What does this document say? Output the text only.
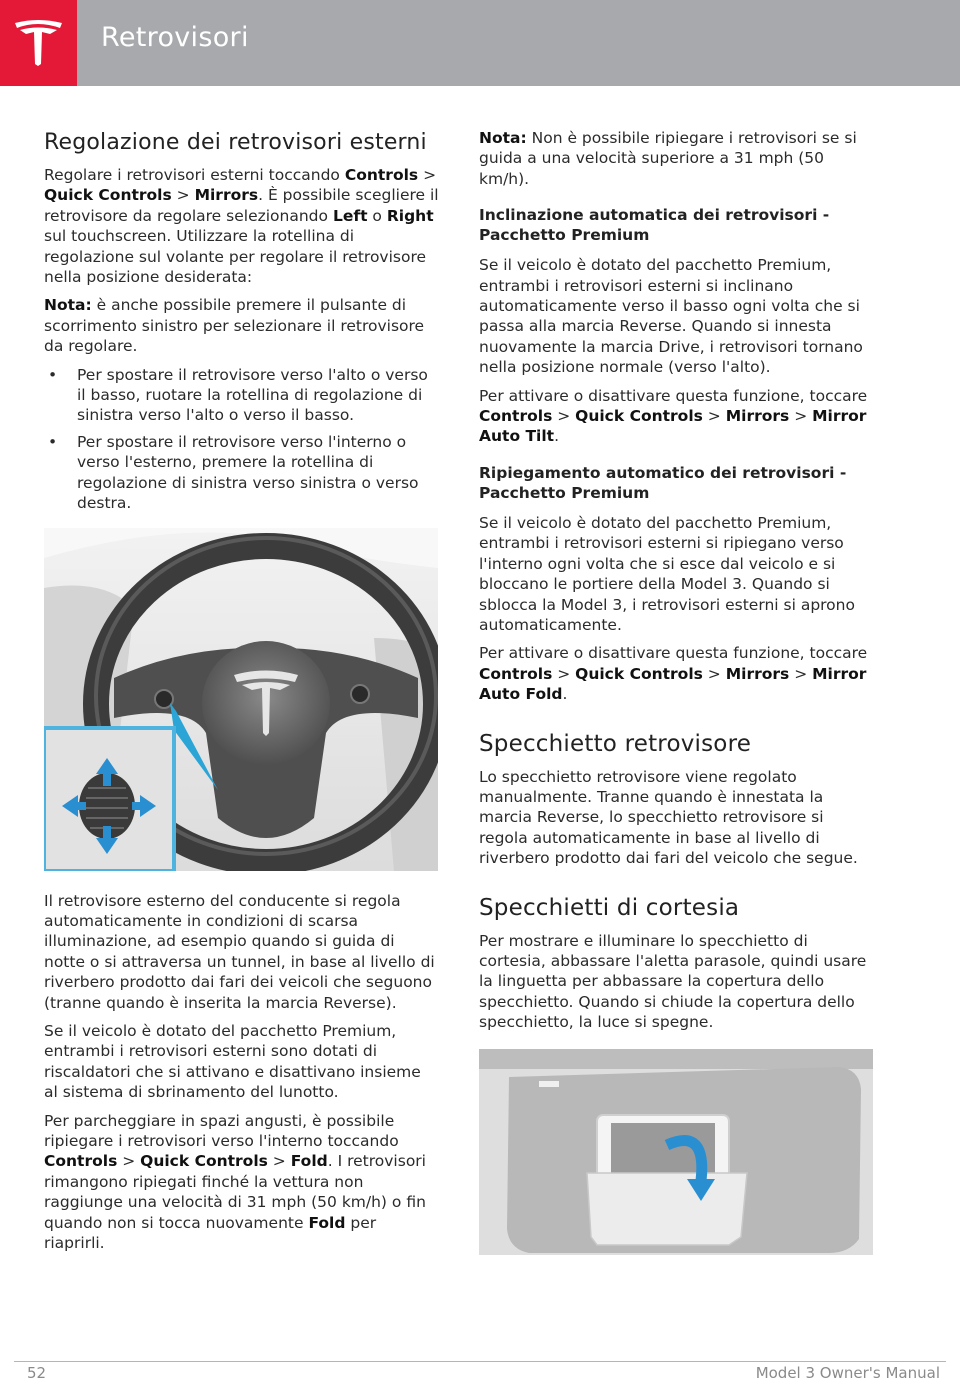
Retrovisori
Regolazione dei retrovisori esterni

Regolare i retrovisori esterni toccando Controls > Quick Controls > Mirrors. È possibile scegliere il retrovisore da regolare selezionando Left o Right sul touchscreen. Utilizzare la rotellina di regolazione sul volante per regolare il retrovisore nella posizione desiderata:

Nota: è anche possibile premere il pulsante di scorrimento sinistro per selezionare il retrovisore da regolare.

• Per spostare il retrovisore verso l'alto o verso il basso, ruotare la rotellina di regolazione di sinistra verso l'alto o verso il basso.
• Per spostare il retrovisore verso l'interno o verso l'esterno, premere la rotellina di regolazione di sinistra verso sinistra o verso destra.

Il retrovisore esterno del conducente si regola automaticamente in condizioni di scarsa illuminazione, ad esempio quando si guida di notte o si attraversa un tunnel, in base al livello di riverbero prodotto dai fari dei veicoli che seguono (tranne quando è inserita la marcia Reverse).

Se il veicolo è dotato del pacchetto Premium, entrambi i retrovisori esterni sono dotati di riscaldatori che si attivano e disattivano insieme al sistema di sbrinamento del lunotto.

Per parcheggiare in spazi angusti, è possibile ripiegare i retrovisori verso l'interno toccando Controls > Quick Controls > Fold. I retrovisori rimangono ripiegati finché la vettura non raggiunge una velocità di 31 mph (50 km/h) o fin quando non si tocca nuovamente Fold per riaprirli.

Nota: Non è possibile ripiegare i retrovisori se si guida a una velocità superiore a 31 mph (50 km/h).

Inclinazione automatica dei retrovisori - Pacchetto Premium

Se il veicolo è dotato del pacchetto Premium, entrambi i retrovisori esterni si inclinano automaticamente verso il basso ogni volta che si passa alla marcia Reverse. Quando si innesta nuovamente la marcia Drive, i retrovisori tornano nella posizione normale (verso l'alto).

Per attivare o disattivare questa funzione, toccare Controls > Quick Controls > Mirrors > Mirror Auto Tilt.

Ripiegamento automatico dei retrovisori - Pacchetto Premium

Se il veicolo è dotato del pacchetto Premium, entrambi i retrovisori esterni si ripiegano verso l'interno ogni volta che si esce dal veicolo e si bloccano le portiere della Model 3. Quando si sblocca la Model 3, i retrovisori esterni si aprono automaticamente.

Per attivare o disattivare questa funzione, toccare Controls > Quick Controls > Mirrors > Mirror Auto Fold.

Specchietto retrovisore

Lo specchietto retrovisore viene regolato manualmente. Tranne quando è innestata la marcia Reverse, lo specchietto retrovisore si regola automaticamente in base al livello di riverbero prodotto dai fari del veicolo che segue.

Specchietti di cortesia

Per mostrare e illuminare lo specchietto di cortesia, abbassare l'aletta parasole, quindi usare la linguetta per abbassare la copertura dello specchietto. Quando si chiude la copertura dello specchietto, la luce si spegne.

52	Model 3 Owner's Manual
